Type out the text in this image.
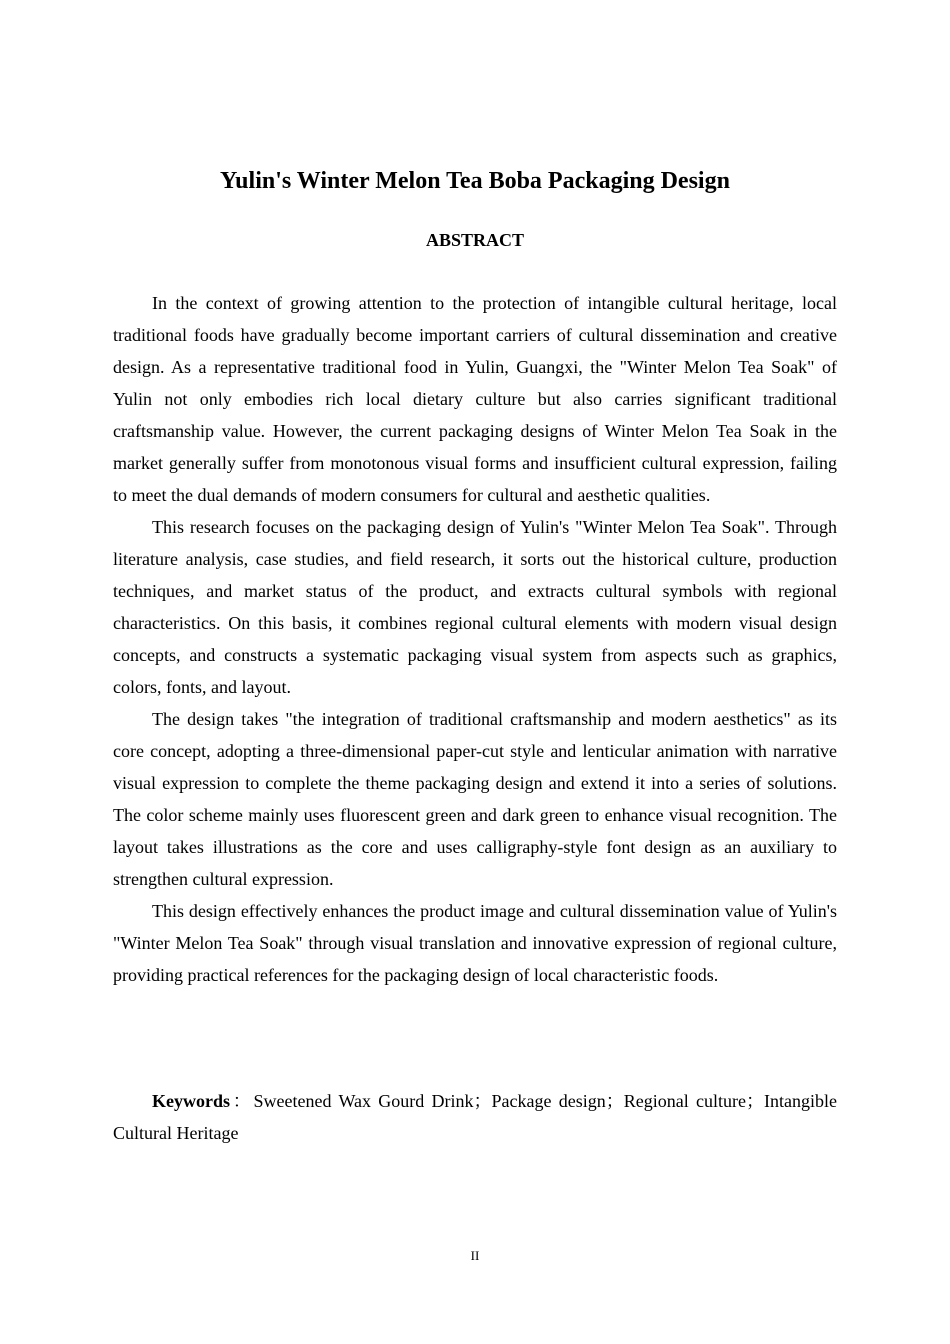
Yulin's Winter Melon Tea Boba Packaging Design
ABSTRACT

In the context of growing attention to the protection of intangible cultural heritage, local traditional foods have gradually become important carriers of cultural dissemination and creative design. As a representative traditional food in Yulin, Guangxi, the "Winter Melon Tea Soak" of Yulin not only embodies rich local dietary culture but also carries significant traditional craftsmanship value. However, the current packaging designs of Winter Melon Tea Soak in the market generally suffer from monotonous visual forms and insufficient cultural expression, failing to meet the dual demands of modern consumers for cultural and aesthetic qualities.

This research focuses on the packaging design of Yulin's "Winter Melon Tea Soak". Through literature analysis, case studies, and field research, it sorts out the historical culture, production techniques, and market status of the product, and extracts cultural symbols with regional characteristics. On this basis, it combines regional cultural elements with modern visual design concepts, and constructs a systematic packaging visual system from aspects such as graphics, colors, fonts, and layout.

The design takes "the integration of traditional craftsmanship and modern aesthetics" as its core concept, adopting a three-dimensional paper-cut style and lenticular animation with narrative visual expression to complete the theme packaging design and extend it into a series of solutions. The color scheme mainly uses fluorescent green and dark green to enhance visual recognition. The layout takes illustrations as the core and uses calligraphy-style font design as an auxiliary to strengthen cultural expression.

This design effectively enhances the product image and cultural dissemination value of Yulin's "Winter Melon Tea Soak" through visual translation and innovative expression of regional culture, providing practical references for the packaging design of local characteristic foods.

Keywords：Sweetened Wax Gourd Drink；Package design；Regional culture；Intangible Cultural Heritage

II
